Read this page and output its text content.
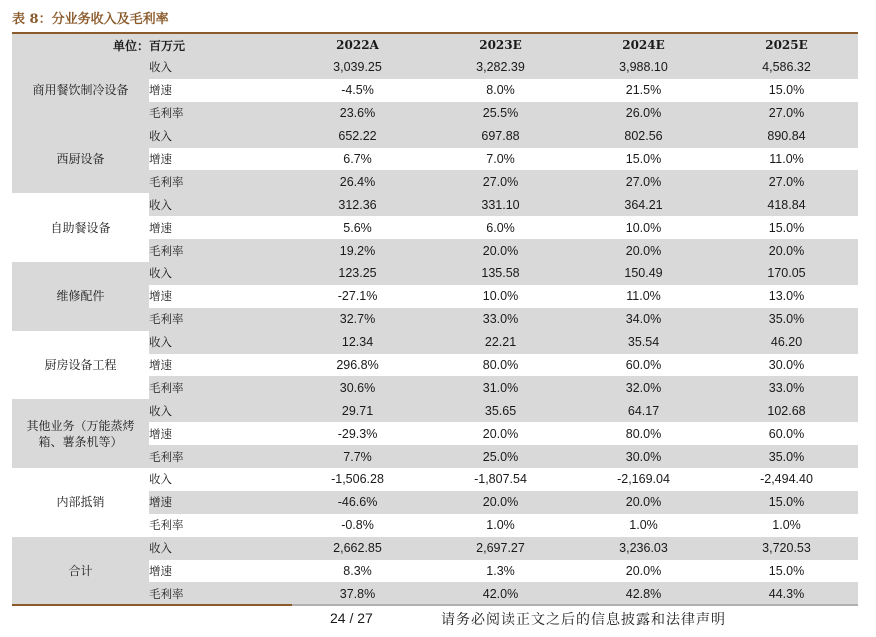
表 8：分业务收入及毛利率
单位：百万元		2022A	2023E	2024E	2025E
商用餐饮制冷设备	收入	3,039.25	3,282.39	3,988.10	4,586.32
	增速	-4.5%	8.0%	21.5%	15.0%
	毛利率	23.6%	25.5%	26.0%	27.0%
西厨设备	收入	652.22	697.88	802.56	890.84
	增速	6.7%	7.0%	15.0%	11.0%
	毛利率	26.4%	27.0%	27.0%	27.0%
自助餐设备	收入	312.36	331.10	364.21	418.84
	增速	5.6%	6.0%	10.0%	15.0%
	毛利率	19.2%	20.0%	20.0%	20.0%
维修配件	收入	123.25	135.58	150.49	170.05
	增速	-27.1%	10.0%	11.0%	13.0%
	毛利率	32.7%	33.0%	34.0%	35.0%
厨房设备工程	收入	12.34	22.21	35.54	46.20
	增速	296.8%	80.0%	60.0%	30.0%
	毛利率	30.6%	31.0%	32.0%	33.0%

其他业务（万能蒸烤
箱、薯条机等）	收入	29.71	35.65	64.17	102.68
	增速	-29.3%	20.0%	80.0%	60.0%
	毛利率	7.7%	25.0%	30.0%	35.0%
内部抵销	收入	-1,506.28	-1,807.54	-2,169.04	-2,494.40
	增速	-46.6%	20.0%	20.0%	15.0%
	毛利率	-0.8%	1.0%	1.0%	1.0%
合计	收入	2,662.85	2,697.27	3,236.03	3,720.53
	增速	8.3%	1.3%	20.0%	15.0%
	毛利率	37.8%	42.0%	42.8%	44.3%
24 / 27	请务必阅读正文之后的信息披露和法律声明
